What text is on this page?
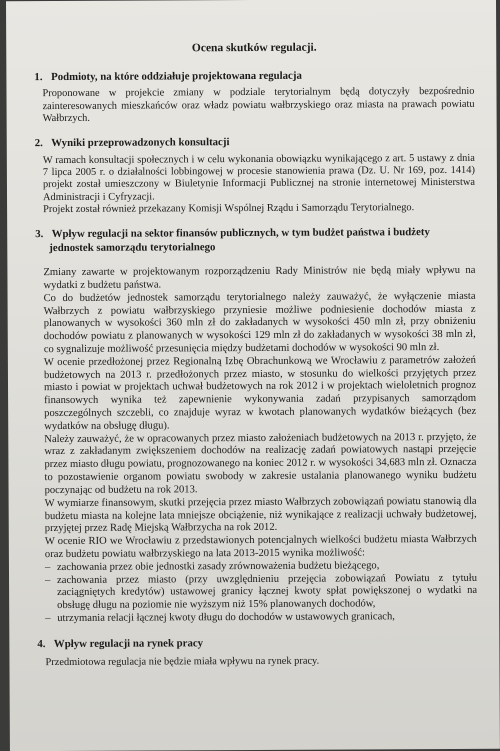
Ocena skutków regulacji.
1. Podmioty, na które oddziałuje projektowana regulacja

Proponowane w projekcie zmiany w podziale terytorialnym będą dotyczyły bezpośrednio zainteresowanych mieszkańców oraz władz powiatu wałbrzyskiego oraz miasta na prawach powiatu Wałbrzych.

2. Wyniki przeprowadzonych konsultacji

W ramach konsultacji społecznych i w celu wykonania obowiązku wynikającego z art. 5 ustawy z dnia 7 lipca 2005 r. o działalności lobbingowej w procesie stanowienia prawa (Dz. U. Nr 169, poz. 1414) projekt został umieszczony w Biuletynie Informacji Publicznej na stronie internetowej Ministerstwa Administracji i Cyfryzacji.

Projekt został również przekazany Komisji Wspólnej Rządu i Samorządu Terytorialnego.

3. Wpływ regulacji na sektor finansów publicznych, w tym budżet państwa i budżety
jednostek samorządu terytorialnego

Zmiany zawarte w projektowanym rozporządzeniu Rady Ministrów nie będą miały wpływu na wydatki z budżetu państwa.

Co do budżetów jednostek samorządu terytorialnego należy zauważyć, że wyłączenie miasta Wałbrzych z powiatu wałbrzyskiego przyniesie możliwe podniesienie dochodów miasta z planowanych w wysokości 360 mln zł do zakładanych w wysokości 450 mln zł, przy obniżeniu dochodów powiatu z planowanych w wysokości 129 mln zł do zakładanych w wysokości 38 mln zł, co sygnalizuje możliwość przesunięcia między budżetami dochodów w wysokości 90 mln zł.

W ocenie przedłożonej przez Regionalną Izbę Obrachunkową we Wrocławiu z parametrów założeń budżetowych na 2013 r. przedłożonych przez miasto, w stosunku do wielkości przyjętych przez miasto i powiat w projektach uchwał budżetowych na rok 2012 i w projektach wieloletnich prognoz finansowych wynika też zapewnienie wykonywania zadań przypisanych samorządom poszczególnych szczebli, co znajduje wyraz w kwotach planowanych wydatków bieżących (bez wydatków na obsługę długu).

Należy zauważyć, że w opracowanych przez miasto założeniach budżetowych na 2013 r. przyjęto, że wraz z zakładanym zwiększeniem dochodów na realizację zadań powiatowych nastąpi przejęcie przez miasto długu powiatu, prognozowanego na koniec 2012 r. w wysokości 34,683 mln zł. Oznacza to pozostawienie organom powiatu swobody w zakresie ustalania planowanego wyniku budżetu poczynając od budżetu na rok 2013.

W wymiarze finansowym, skutki przejęcia przez miasto Wałbrzych zobowiązań powiatu stanowią dla budżetu miasta na kolejne lata mniejsze obciążenie, niż wynikające z realizacji uchwały budżetowej, przyjętej przez Radę Miejską Wałbrzycha na rok 2012.

W ocenie RIO we Wrocławiu z przedstawionych potencjalnych wielkości budżetu miasta Wałbrzych oraz budżetu powiatu wałbrzyskiego na lata 2013-2015 wynika możliwość:

– zachowania przez obie jednostki zasady zrównoważenia budżetu bieżącego,
– zachowania przez miasto (przy uwzględnieniu przejęcia zobowiązań Powiatu z tytułu zaciągniętych kredytów) ustawowej granicy łącznej kwoty spłat powiększonej o wydatki na obsługę długu na poziomie nie wyższym niż 15% planowanych dochodów,
– utrzymania relacji łącznej kwoty długu do dochodów w ustawowych granicach,
4. Wpływ regulacji na rynek pracy

Przedmiotowa regulacja nie będzie miała wpływu na rynek pracy.
